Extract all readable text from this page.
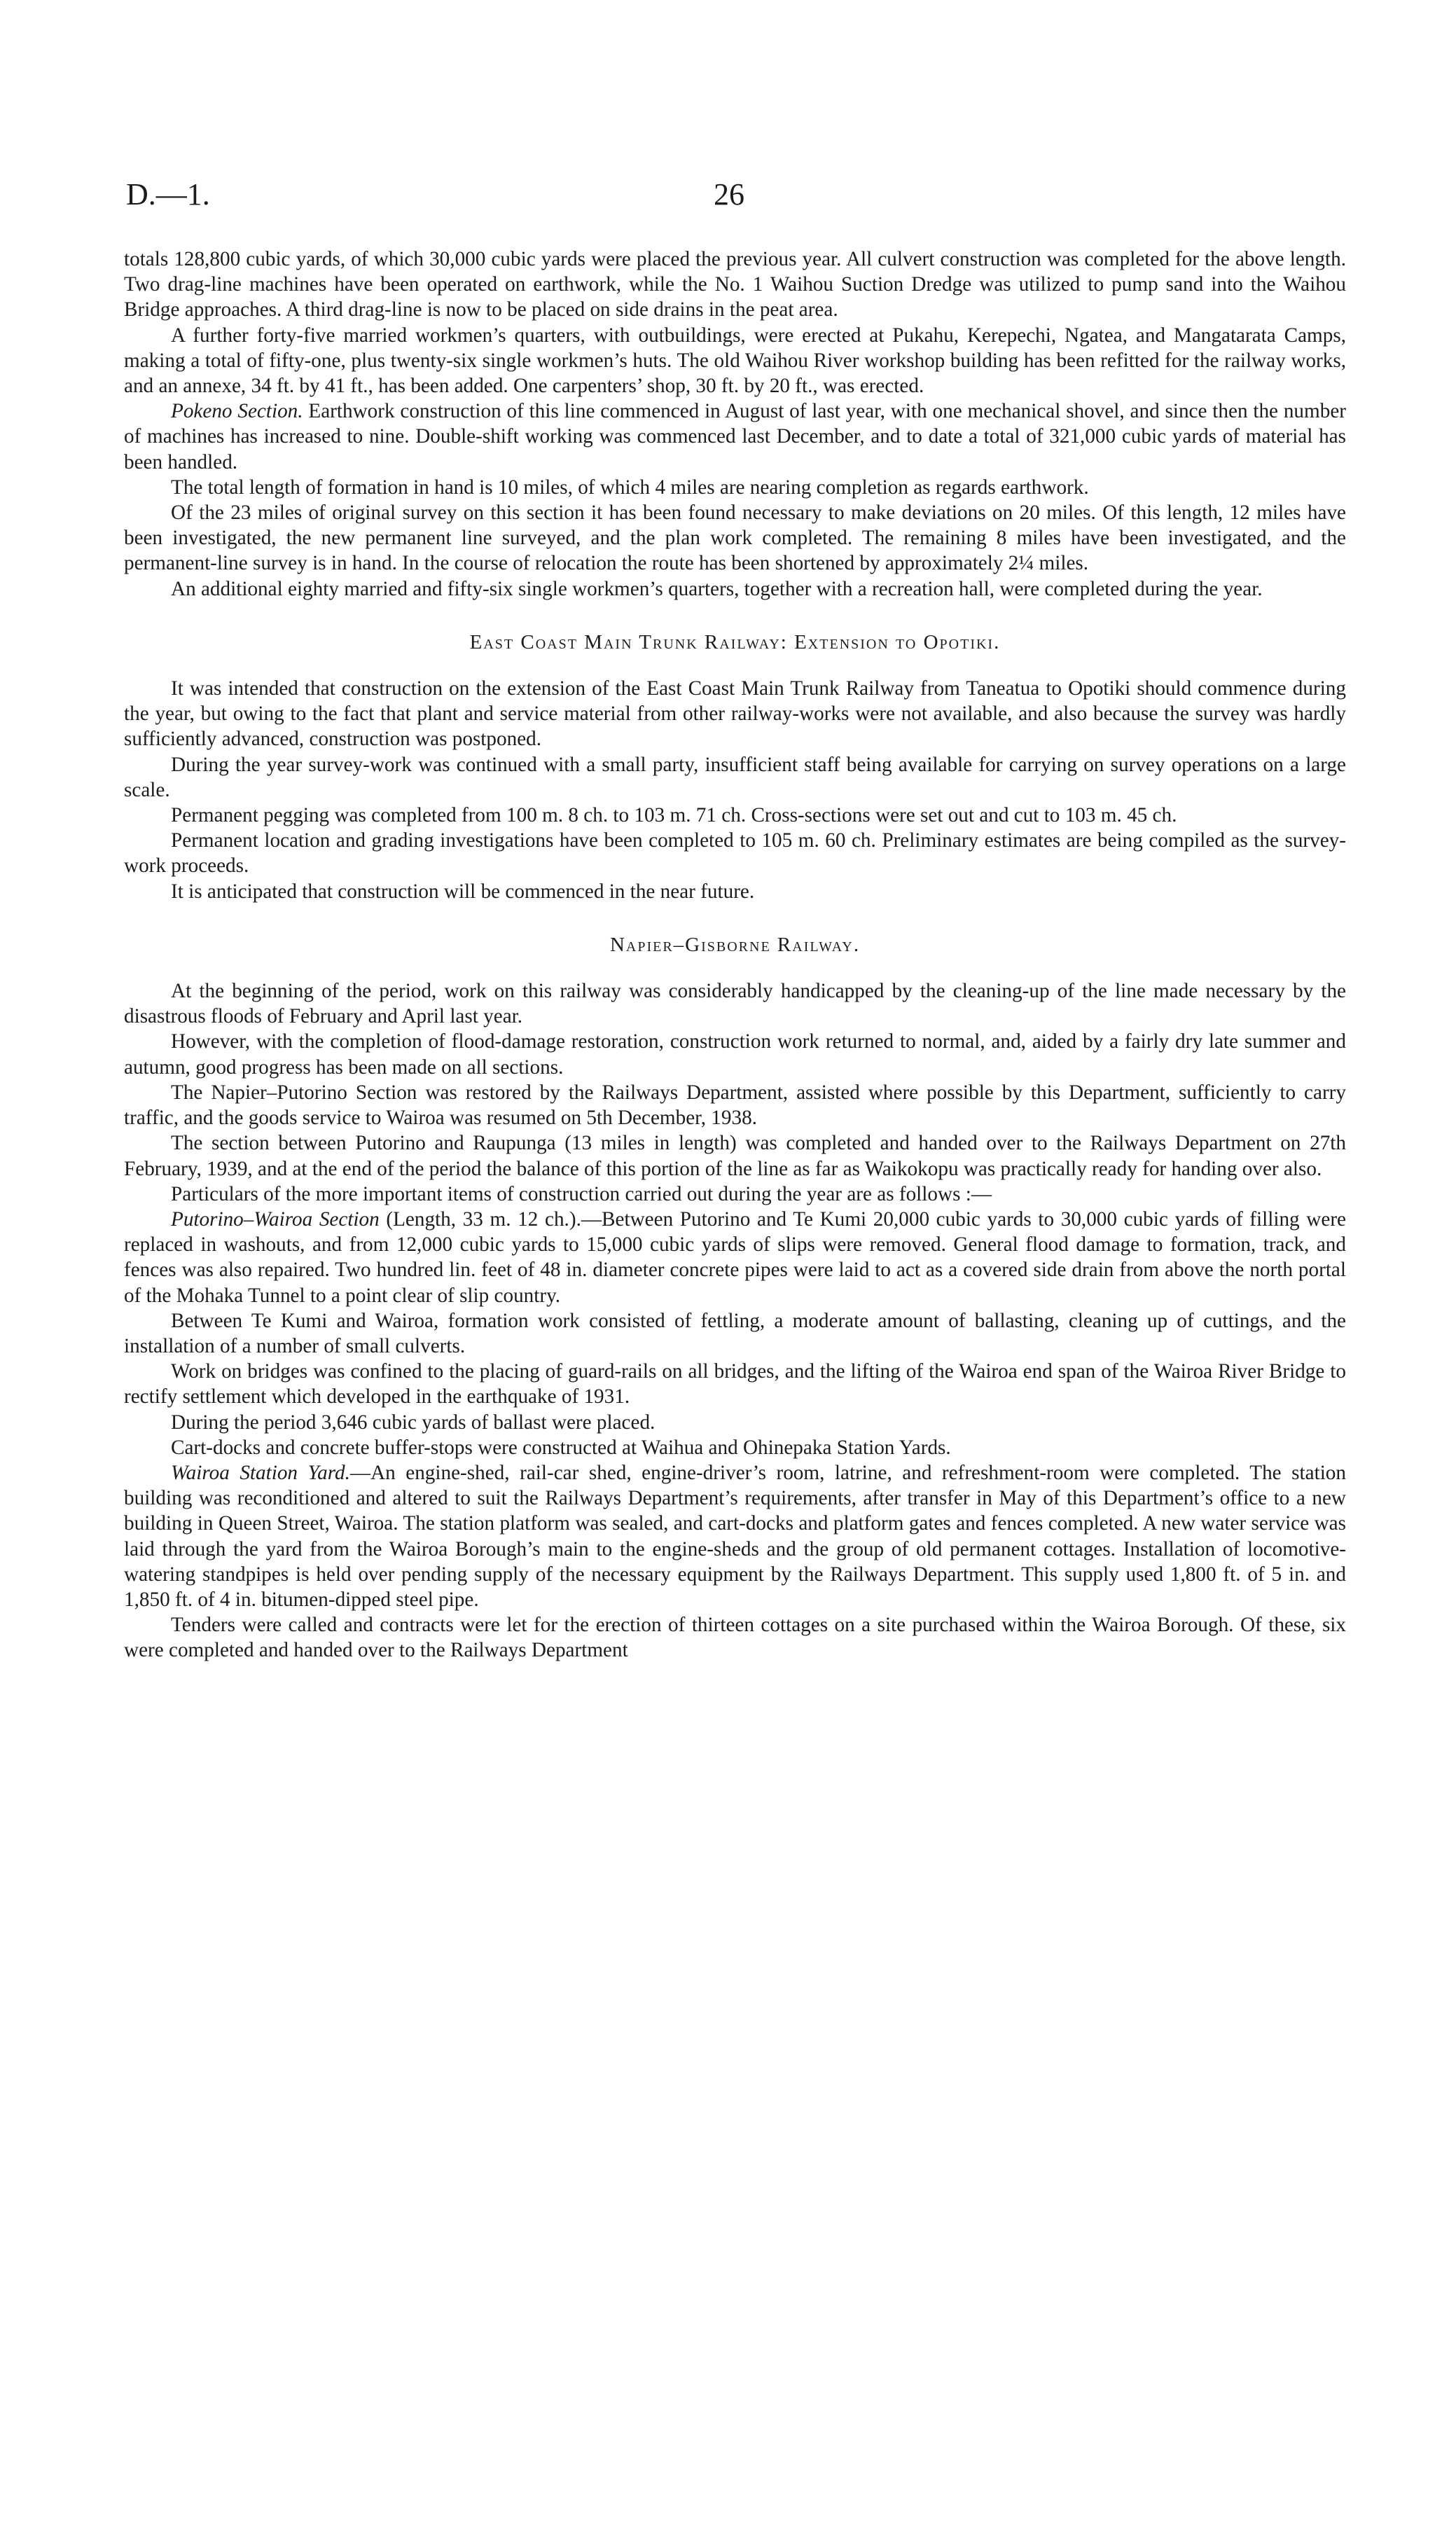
D.—1.	26

totals 128,800 cubic yards, of which 30,000 cubic yards were placed the previous year. All culvert construction was completed for the above length. Two drag-line machines have been operated on earthwork, while the No. 1 Waihou Suction Dredge was utilized to pump sand into the Waihou Bridge approaches. A third drag-line is now to be placed on side drains in the peat area.

A further forty-five married workmen’s quarters, with outbuildings, were erected at Pukahu, Kerepechi, Ngatea, and Mangatarata Camps, making a total of fifty-one, plus twenty-six single workmen’s huts. The old Waihou River workshop building has been refitted for the railway works, and an annexe, 34 ft. by 41 ft., has been added. One carpenters’ shop, 30 ft. by 20 ft., was erected.

Pokeno Section. Earthwork construction of this line commenced in August of last year, with one mechanical shovel, and since then the number of machines has increased to nine. Double-shift working was commenced last December, and to date a total of 321,000 cubic yards of material has been handled.

The total length of formation in hand is 10 miles, of which 4 miles are nearing completion as regards earthwork.

Of the 23 miles of original survey on this section it has been found necessary to make deviations on 20 miles. Of this length, 12 miles have been investigated, the new permanent line surveyed, and the plan work completed. The remaining 8 miles have been investigated, and the permanent-line survey is in hand. In the course of relocation the route has been shortened by approximately 2¼ miles.

An additional eighty married and fifty-six single workmen’s quarters, together with a recreation hall, were completed during the year.

East Coast Main Trunk Railway: Extension to Opotiki.

It was intended that construction on the extension of the East Coast Main Trunk Railway from Taneatua to Opotiki should commence during the year, but owing to the fact that plant and service material from other railway-works were not available, and also because the survey was hardly sufficiently advanced, construction was postponed.

During the year survey-work was continued with a small party, insufficient staff being available for carrying on survey operations on a large scale.

Permanent pegging was completed from 100 m. 8 ch. to 103 m. 71 ch. Cross-sections were set out and cut to 103 m. 45 ch.

Permanent location and grading investigations have been completed to 105 m. 60 ch. Preliminary estimates are being compiled as the survey-work proceeds.

It is anticipated that construction will be commenced in the near future.

Napier–Gisborne Railway.

At the beginning of the period, work on this railway was considerably handicapped by the cleaning-up of the line made necessary by the disastrous floods of February and April last year.

However, with the completion of flood-damage restoration, construction work returned to normal, and, aided by a fairly dry late summer and autumn, good progress has been made on all sections.

The Napier–Putorino Section was restored by the Railways Department, assisted where possible by this Department, sufficiently to carry traffic, and the goods service to Wairoa was resumed on 5th December, 1938.

The section between Putorino and Raupunga (13 miles in length) was completed and handed over to the Railways Department on 27th February, 1939, and at the end of the period the balance of this portion of the line as far as Waikokopu was practically ready for handing over also.

Particulars of the more important items of construction carried out during the year are as follows :—

Putorino–Wairoa Section (Length, 33 m. 12 ch.).—Between Putorino and Te Kumi 20,000 cubic yards to 30,000 cubic yards of filling were replaced in washouts, and from 12,000 cubic yards to 15,000 cubic yards of slips were removed. General flood damage to formation, track, and fences was also repaired. Two hundred lin. feet of 48 in. diameter concrete pipes were laid to act as a covered side drain from above the north portal of the Mohaka Tunnel to a point clear of slip country.

Between Te Kumi and Wairoa, formation work consisted of fettling, a moderate amount of ballasting, cleaning up of cuttings, and the installation of a number of small culverts.

Work on bridges was confined to the placing of guard-rails on all bridges, and the lifting of the Wairoa end span of the Wairoa River Bridge to rectify settlement which developed in the earthquake of 1931.

During the period 3,646 cubic yards of ballast were placed.

Cart-docks and concrete buffer-stops were constructed at Waihua and Ohinepaka Station Yards.

Wairoa Station Yard.—An engine-shed, rail-car shed, engine-driver’s room, latrine, and refreshment-room were completed. The station building was reconditioned and altered to suit the Railways Department’s requirements, after transfer in May of this Department’s office to a new building in Queen Street, Wairoa. The station platform was sealed, and cart-docks and platform gates and fences completed. A new water service was laid through the yard from the Wairoa Borough’s main to the engine-sheds and the group of old permanent cottages. Installation of locomotive-watering standpipes is held over pending supply of the necessary equipment by the Railways Department. This supply used 1,800 ft. of 5 in. and 1,850 ft. of 4 in. bitumen-dipped steel pipe.

Tenders were called and contracts were let for the erection of thirteen cottages on a site purchased within the Wairoa Borough. Of these, six were completed and handed over to the Railways Department
